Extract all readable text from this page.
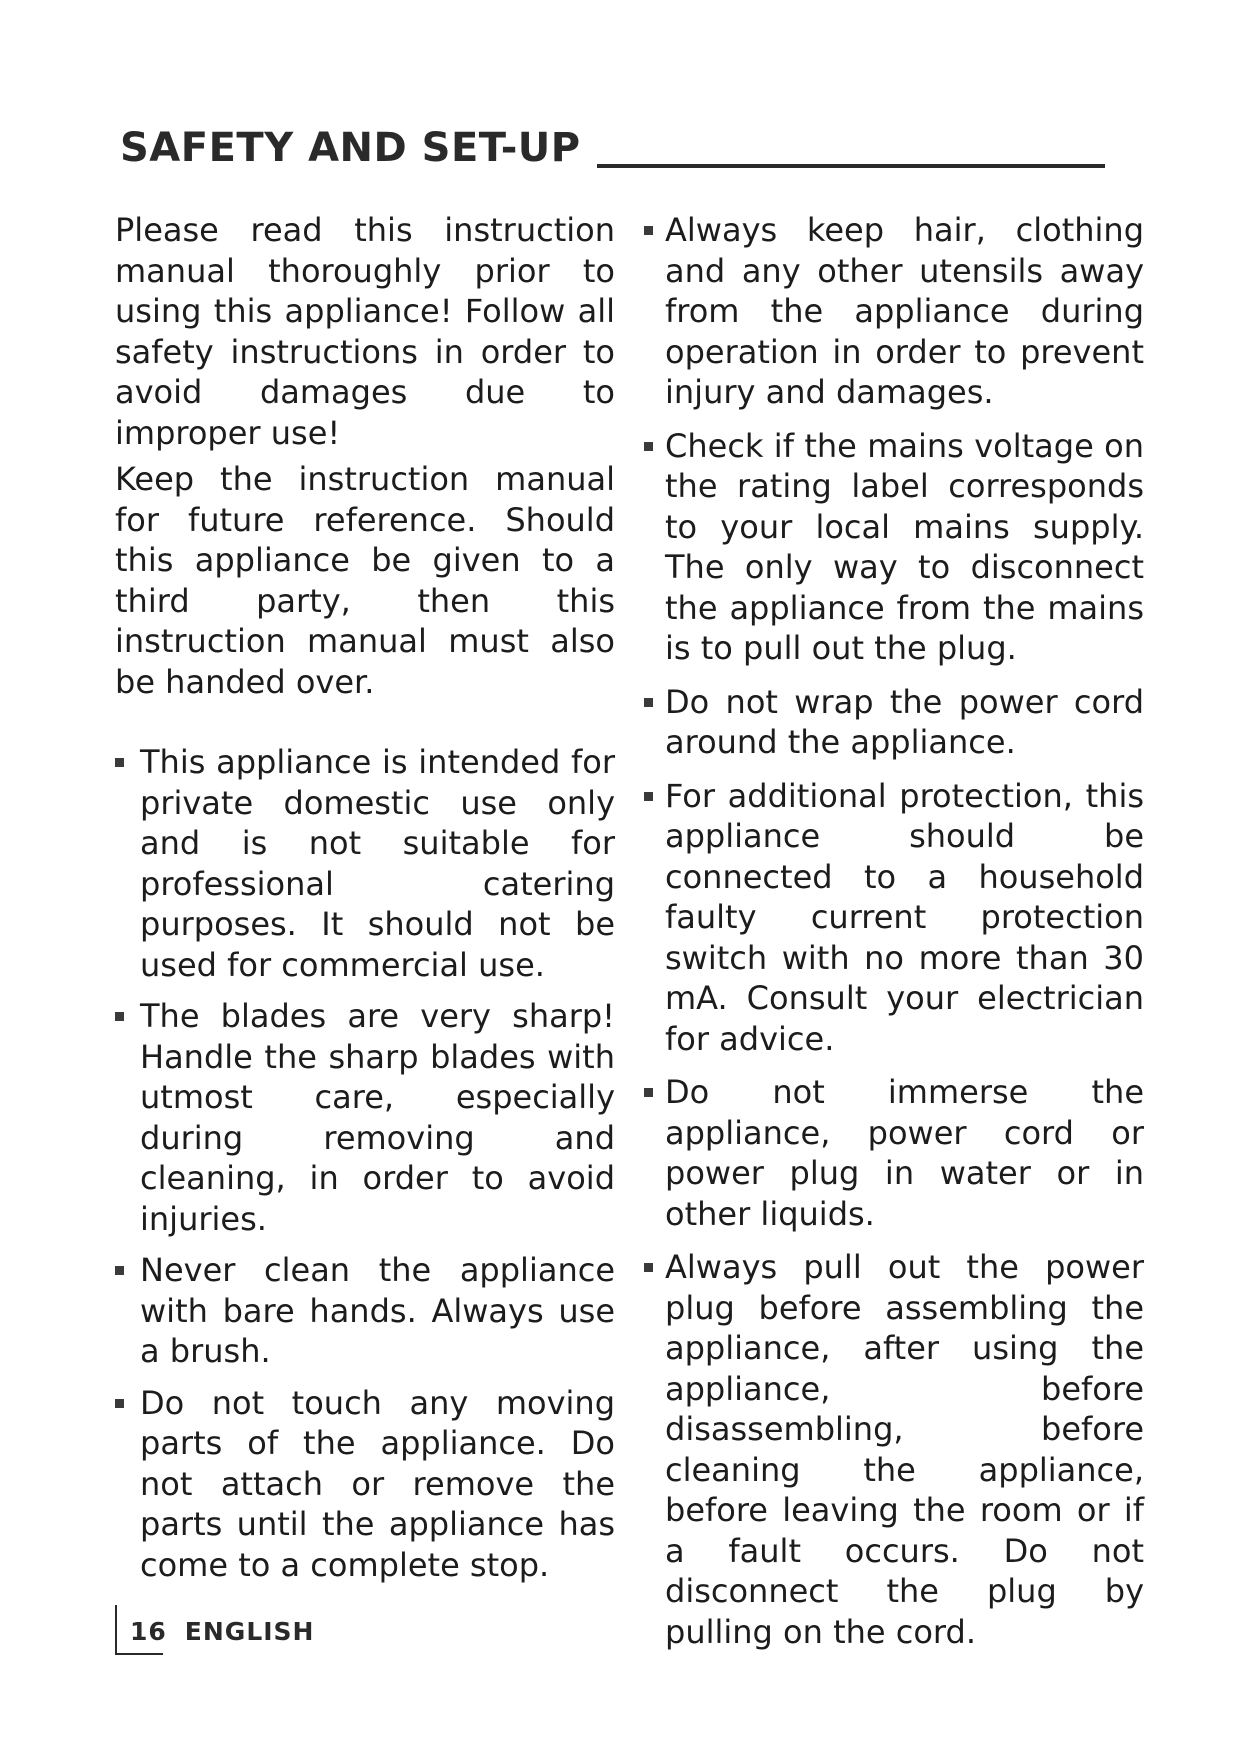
SAFETY AND SET-UP

Please read this instruction manual thoroughly prior to using this appliance! Follow all safety instructions in order to avoid damages due to improper use!

Keep the instruction manual for future reference. Should this appliance be given to a third party, then this instruction manual must also be handed over.

This appliance is intended for private domestic use only and is not suitable for professional catering purposes. It should not be used for commercial use.
The blades are very sharp! Handle the sharp blades with utmost care, especially during removing and cleaning, in order to avoid injuries.
Never clean the appliance with bare hands. Always use a brush.
Do not touch any moving parts of the appliance. Do not attach or remove the parts until the appliance has come to a complete stop.
Always keep hair, clothing and any other utensils away from the appliance during operation in order to prevent injury and damages.
Check if the mains voltage on the rating label corresponds to your local mains supply. The only way to disconnect the appliance from the mains is to pull out the plug.
Do not wrap the power cord around the appliance.
For additional protection, this appliance should be connected to a household faulty current protection switch with no more than 30 mA. Consult your electrician for advice.
Do not immerse the appliance, power cord or power plug in water or in other liquids.
Always pull out the power plug before assembling the appliance, after using the appliance, before disassembling, before cleaning the appliance, before leaving the room or if a fault occurs. Do not disconnect the plug by pulling on the cord.
16 ENGLISH
